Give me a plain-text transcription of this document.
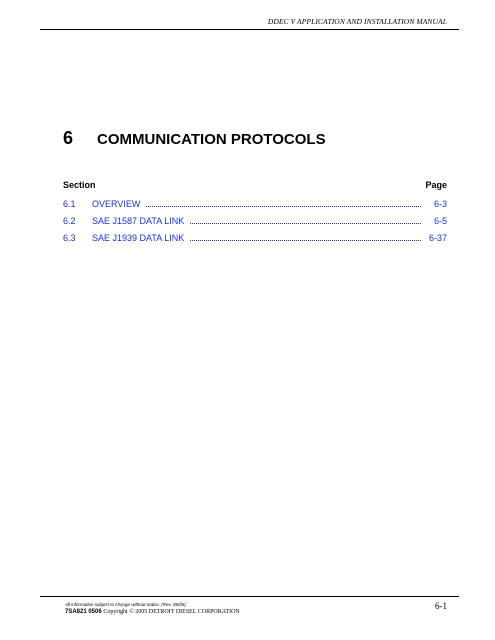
DDEC V APPLICATION AND INSTALLATION MANUAL
6	COMMUNICATION PROTOCOLS
Section	Page
6.1	OVERVIEW	6-3
6.2	SAE J1587 DATA LINK	6-5
6.3	SAE J1939 DATA LINK	6-37
All information subject to change without notice. (Rev. 06/05)
7SA821 0506 Copyright © 2005 DETROIT DIESEL CORPORATION
6-1
